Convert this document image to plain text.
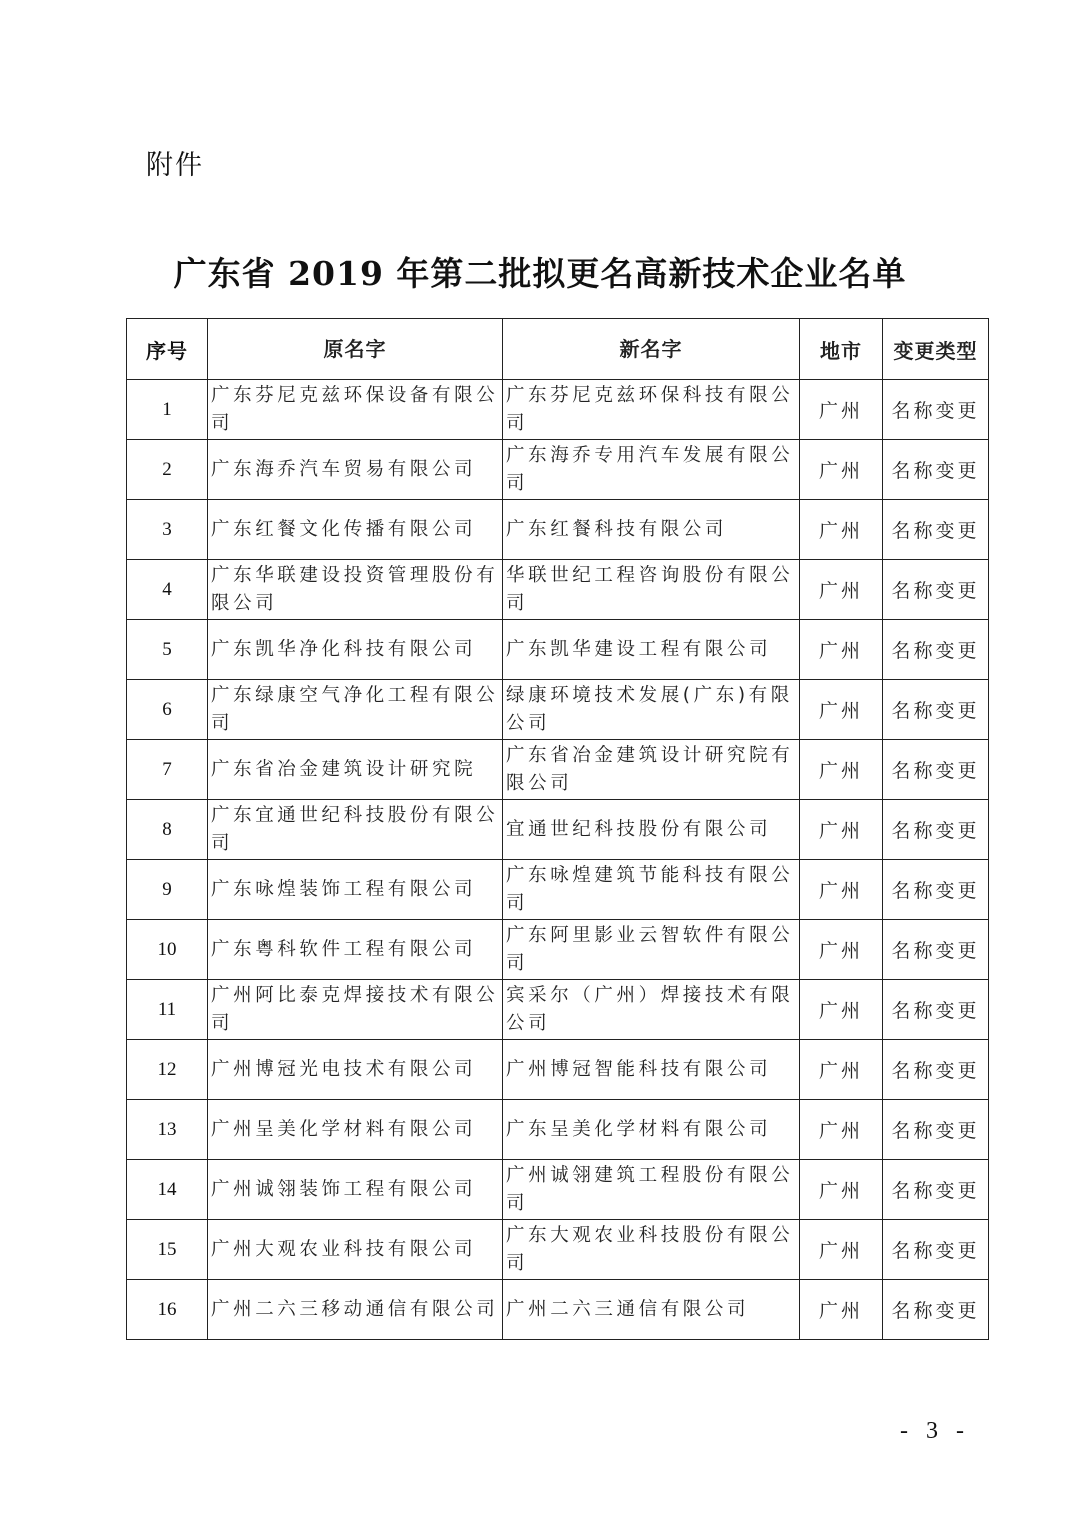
附件
广东省 2019 年第二批拟更名高新技术企业名单
序号	原名字	新名字	地市	变更类型
1	广东芬尼克兹环保设备有限公司	广东芬尼克兹环保科技有限公司	广州	名称变更
2	广东海乔汽车贸易有限公司	广东海乔专用汽车发展有限公司	广州	名称变更
3	广东红餐文化传播有限公司	广东红餐科技有限公司	广州	名称变更
4	广东华联建设投资管理股份有限公司	华联世纪工程咨询股份有限公司	广州	名称变更
5	广东凯华净化科技有限公司	广东凯华建设工程有限公司	广州	名称变更
6	广东绿康空气净化工程有限公司	绿康环境技术发展(广东)有限公司	广州	名称变更
7	广东省冶金建筑设计研究院	广东省冶金建筑设计研究院有限公司	广州	名称变更
8	广东宜通世纪科技股份有限公司	宜通世纪科技股份有限公司	广州	名称变更
9	广东咏煌装饰工程有限公司	广东咏煌建筑节能科技有限公司	广州	名称变更
10	广东粤科软件工程有限公司	广东阿里影业云智软件有限公司	广州	名称变更
11	广州阿比泰克焊接技术有限公司	宾采尔（广州）焊接技术有限公司	广州	名称变更
12	广州博冠光电技术有限公司	广州博冠智能科技有限公司	广州	名称变更
13	广州呈美化学材料有限公司	广东呈美化学材料有限公司	广州	名称变更
14	广州诚翎装饰工程有限公司	广州诚翎建筑工程股份有限公司	广州	名称变更
15	广州大观农业科技有限公司	广东大观农业科技股份有限公司	广州	名称变更
16	广州二六三移动通信有限公司	广州二六三通信有限公司	广州	名称变更
- 3 -
